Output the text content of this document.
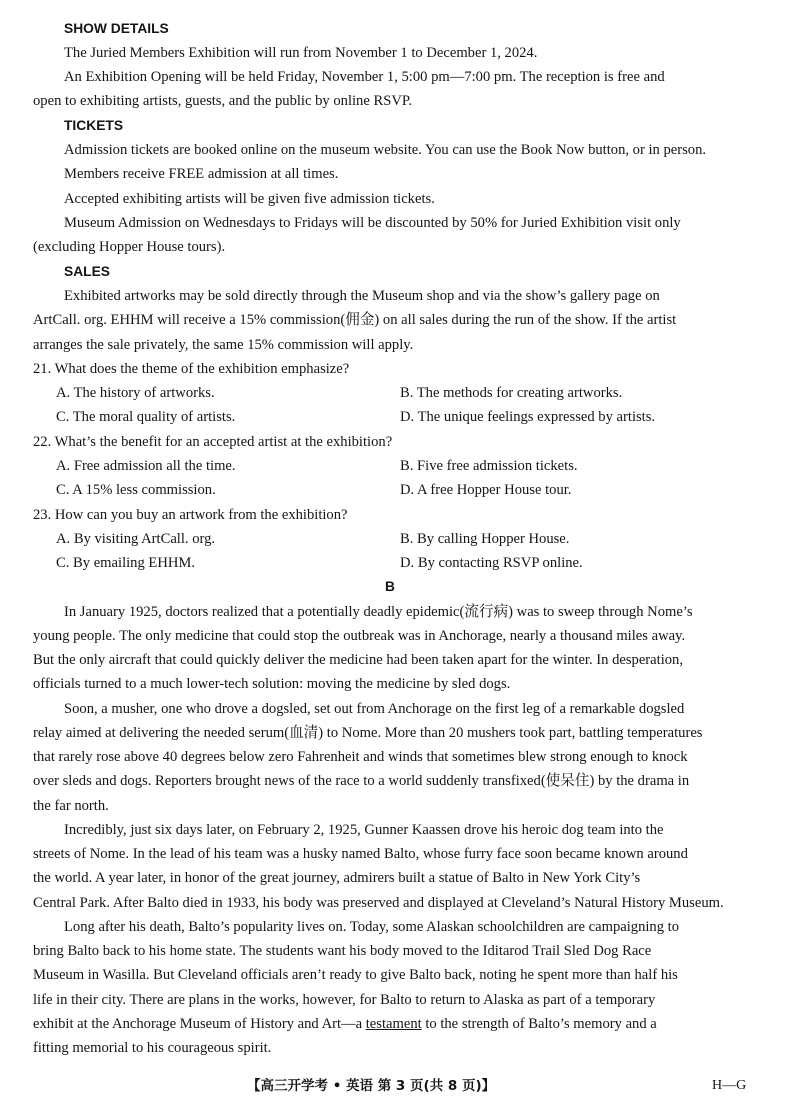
SHOW DETAILS
The Juried Members Exhibition will run from November 1 to December 1, 2024.
An Exhibition Opening will be held Friday, November 1, 5:00 pm—7:00 pm. The reception is free and
open to exhibiting artists, guests, and the public by online RSVP.
TICKETS
Admission tickets are booked online on the museum website. You can use the Book Now button, or in person.
Members receive FREE admission at all times.
Accepted exhibiting artists will be given five admission tickets.
Museum Admission on Wednesdays to Fridays will be discounted by 50% for Juried Exhibition visit only
(excluding Hopper House tours).
SALES
Exhibited artworks may be sold directly through the Museum shop and via the show’s gallery page on
ArtCall. org. EHHM will receive a 15% commission(佣金) on all sales during the run of the show. If the artist
arranges the sale privately, the same 15% commission will apply.
21. What does the theme of the exhibition emphasize?
A. The history of artworks.	B. The methods for creating artworks.
C. The moral quality of artists.	D. The unique feelings expressed by artists.
22. What’s the benefit for an accepted artist at the exhibition?
A. Free admission all the time.	B. Five free admission tickets.
C. A 15% less commission.	D. A free Hopper House tour.
23. How can you buy an artwork from the exhibition?
A. By visiting ArtCall. org.	B. By calling Hopper House.
C. By emailing EHHM.	D. By contacting RSVP online.
B
In January 1925, doctors realized that a potentially deadly epidemic(流行病) was to sweep through Nome’s
young people. The only medicine that could stop the outbreak was in Anchorage, nearly a thousand miles away.
But the only aircraft that could quickly deliver the medicine had been taken apart for the winter. In desperation,
officials turned to a much lower-tech solution: moving the medicine by sled dogs.
Soon, a musher, one who drove a dogsled, set out from Anchorage on the first leg of a remarkable dogsled
relay aimed at delivering the needed serum(血清) to Nome. More than 20 mushers took part, battling temperatures
that rarely rose above 40 degrees below zero Fahrenheit and winds that sometimes blew strong enough to knock
over sleds and dogs. Reporters brought news of the race to a world suddenly transfixed(使呆住) by the drama in
the far north.
Incredibly, just six days later, on February 2, 1925, Gunner Kaassen drove his heroic dog team into the
streets of Nome. In the lead of his team was a husky named Balto, whose furry face soon became known around
the world. A year later, in honor of the great journey, admirers built a statue of Balto in New York City’s
Central Park. After Balto died in 1933, his body was preserved and displayed at Cleveland’s Natural History Museum.
Long after his death, Balto’s popularity lives on. Today, some Alaskan schoolchildren are campaigning to
bring Balto back to his home state. The students want his body moved to the Iditarod Trail Sled Dog Race
Museum in Wasilla. But Cleveland officials aren’t ready to give Balto back, noting he spent more than half his
life in their city. There are plans in the works, however, for Balto to return to Alaska as part of a temporary
exhibit at the Anchorage Museum of History and Art—a testament to the strength of Balto’s memory and a
fitting memorial to his courageous spirit.
【高三开学考 • 英语 第 3 页(共 8 页)】	H—G
